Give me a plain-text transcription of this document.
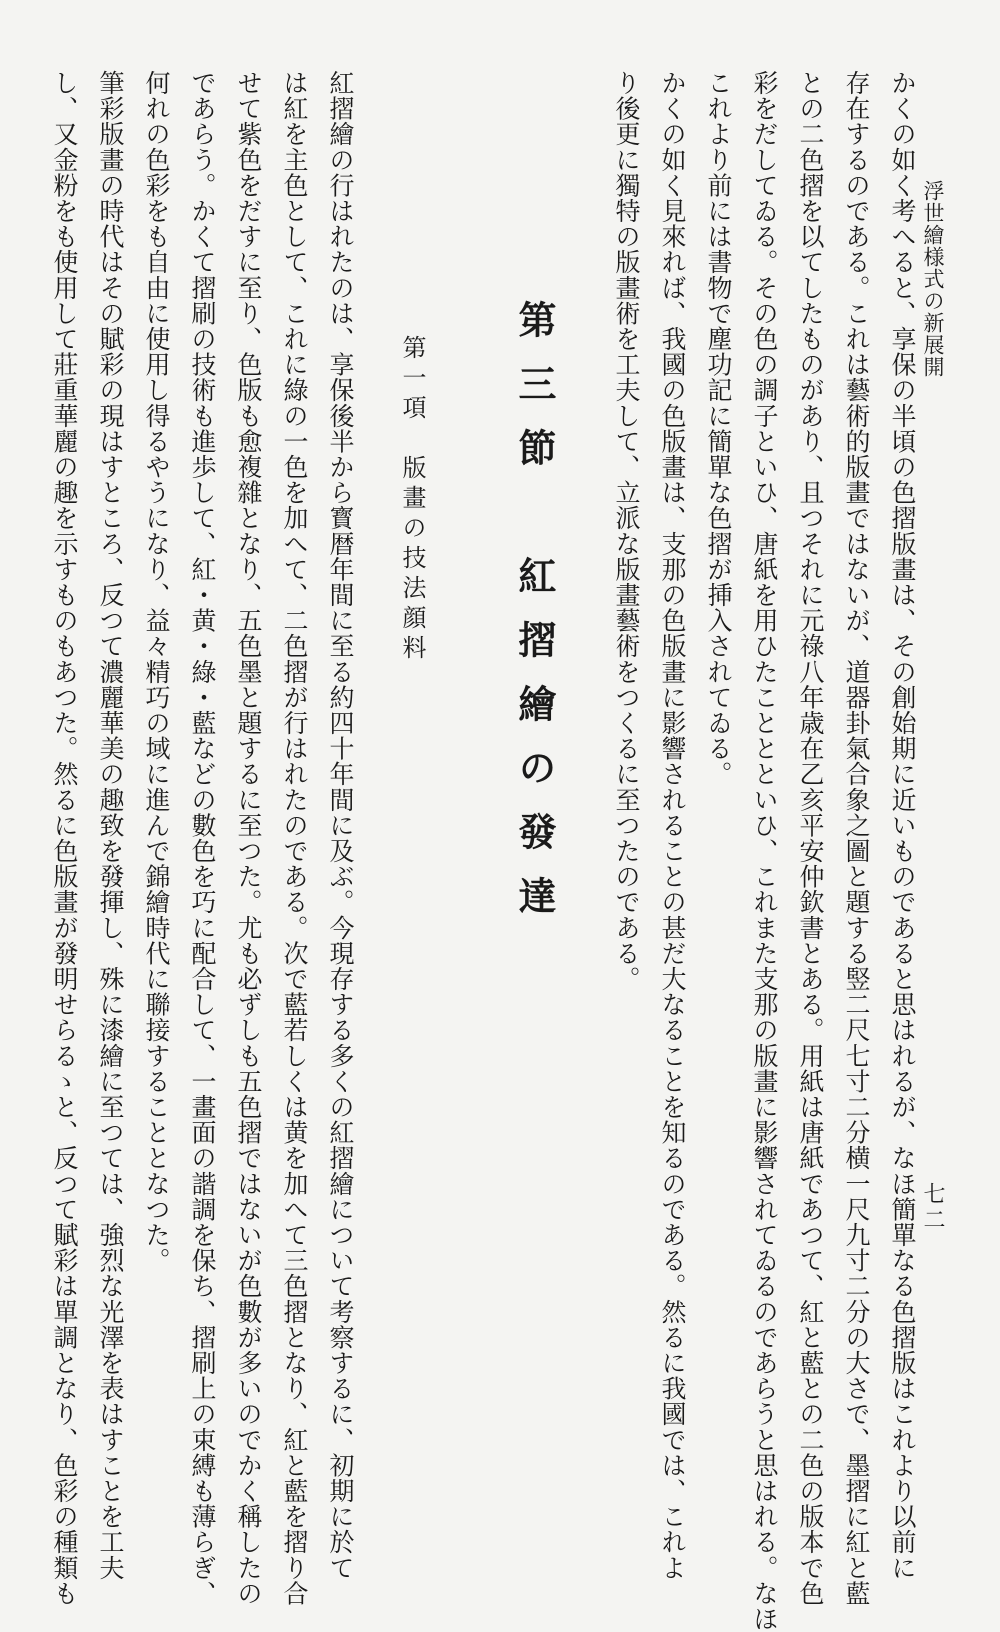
浮世繪様式の新展開
七二
かくの如く考へると、享保の半頃の色摺版畫は、その創始期に近いものであると思はれるが、なほ簡單なる色摺版はこれより以前に
存在するのである。これは藝術的版畫ではないが、道器卦氣合象之圖と題する竪二尺七寸二分横一尺九寸二分の大さで、墨摺に紅と藍
との二色摺を以てしたものがあり、且つそれに元祿八年歳在乙亥平安仲欽書とある。用紙は唐紙であつて、紅と藍との二色の版本で色
彩をだしてゐる。その色の調子といひ、唐紙を用ひたこととといひ、これまた支那の版畫に影響されてゐるのであらうと思はれる。なほ
これより前には書物で塵功記に簡單な色摺が挿入されてゐる。
かくの如く見來れば、我國の色版畫は、支那の色版畫に影響されることの甚だ大なることを知るのである。然るに我國では、これよ
り後更に獨特の版畫術を工夫して、立派な版畫藝術をつくるに至つたのである。
第三節　紅摺繪の發達
第一項　版畫の技法顔料
紅摺繪の行はれたのは、享保後半から寳暦年間に至る約四十年間に及ぶ。今現存する多くの紅摺繪について考察するに、初期に於て
は紅を主色として、これに綠の一色を加へて、二色摺が行はれたのである。次で藍若しくは黄を加へて三色摺となり、紅と藍を摺り合
せて紫色をだすに至り、色版も愈複雜となり、五色墨と題するに至つた。尤も必ずしも五色摺ではないが色數が多いのでかく稱したの
であらう。かくて摺刷の技術も進歩して、紅・黄・綠・藍などの數色を巧に配合して、一畫面の諧調を保ち、摺刷上の束縛も薄らぎ、
何れの色彩をも自由に使用し得るやうになり、益々精巧の域に進んで錦繪時代に聯接することとなつた。
筆彩版畫の時代はその賦彩の現はすところ、反つて濃麗華美の趣致を發揮し、殊に漆繪に至つては、強烈な光澤を表はすことを工夫
し、又金粉をも使用して莊重華麗の趣を示すものもあつた。然るに色版畫が發明せらるゝと、反つて賦彩は單調となり、色彩の種類も
